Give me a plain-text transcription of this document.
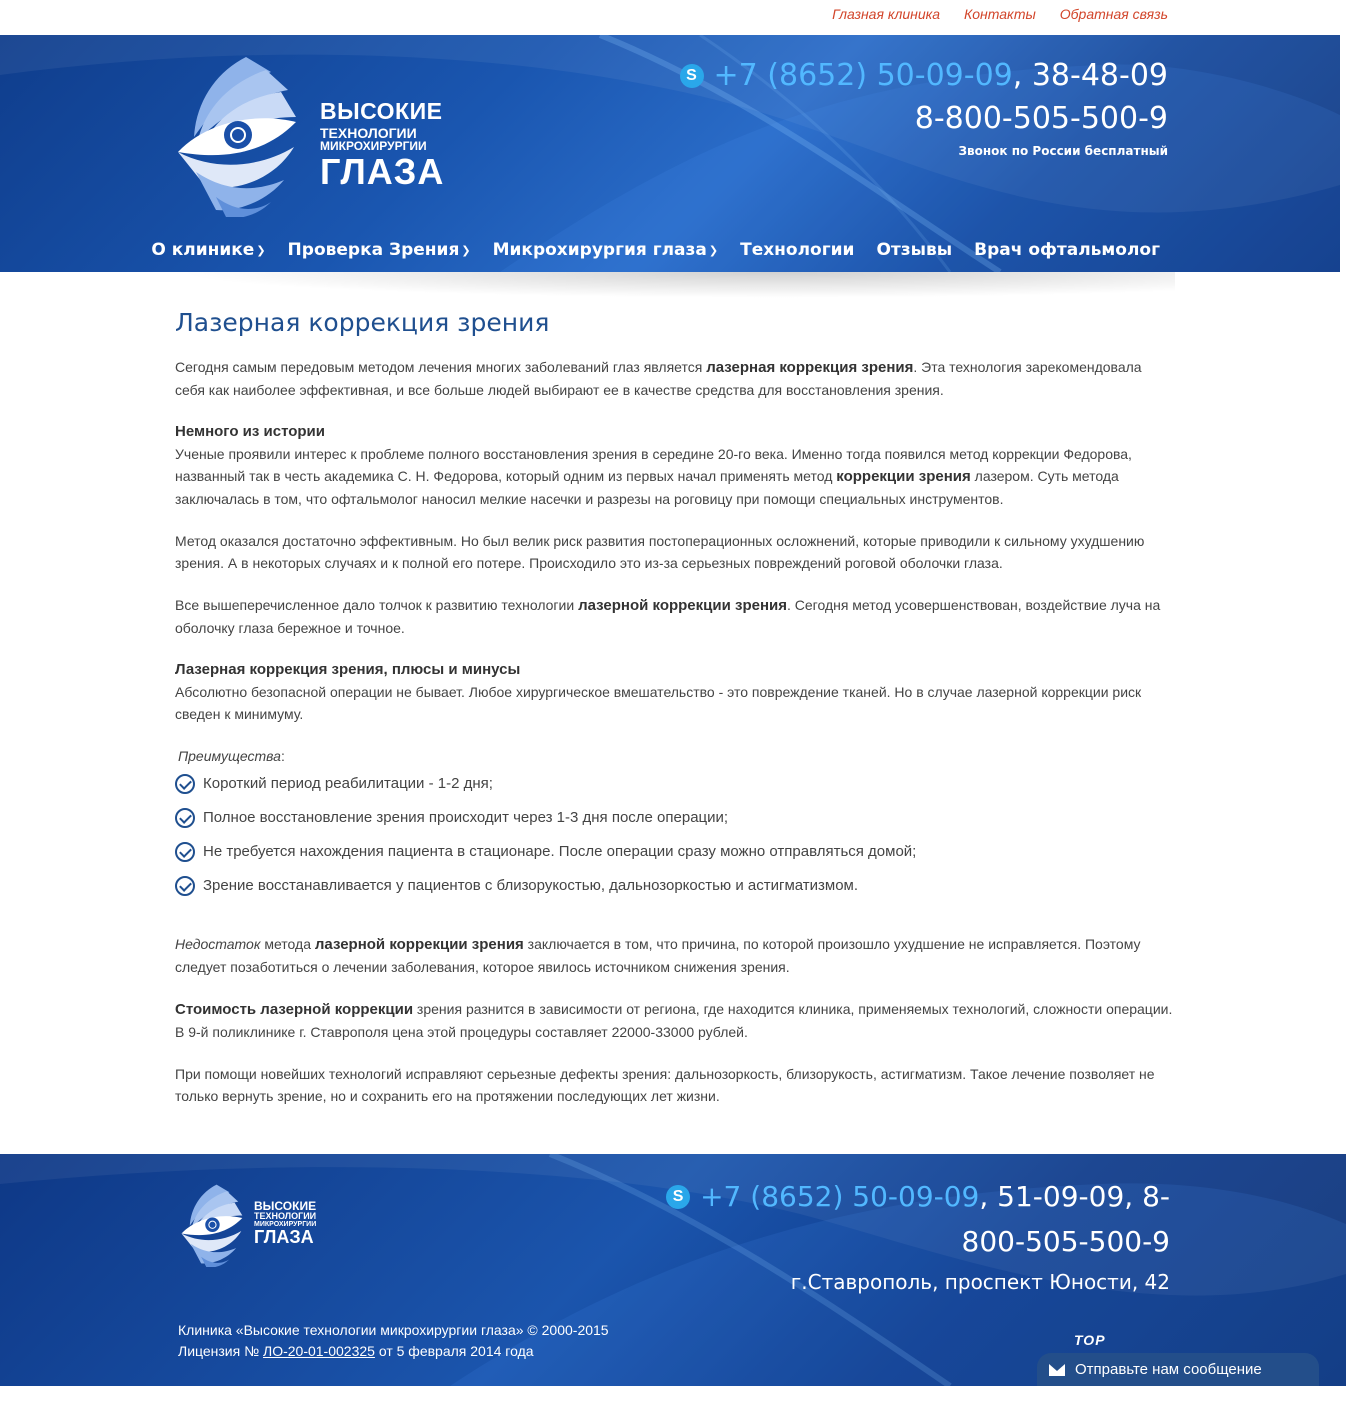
Глазная клиника Контакты Обратная связь
ВЫСОКИЕ
ТЕХНОЛОГИИ
МИКРОХИРУРГИИ
ГЛАЗА
S +7 (8652) 50-09-09, 38-48-09
8-800-505-500-9
Звонок по России бесплатный
О клинике ❯ Проверка Зрения ❯ Микрохирургия глаза ❯ Технологии Отзывы Врач офтальмолог
Лазерная коррекция зрения

Сегодня самым передовым методом лечения многих заболеваний глаз является лазерная коррекция зрения. Эта технология зарекомендовала себя как наиболее эффективная, и все больше людей выбирают ее в качестве средства для восстановления зрения.

Немного из истории

Ученые проявили интерес к проблеме полного восстановления зрения в середине 20-го века. Именно тогда появился метод коррекции Федорова, названный так в честь академика С. Н. Федорова, который одним из первых начал применять метод коррекции зрения лазером. Суть метода заключалась в том, что офтальмолог наносил мелкие насечки и разрезы на роговицу при помощи специальных инструментов.

Метод оказался достаточно эффективным. Но был велик риск развития постоперационных осложнений, которые приводили к сильному ухудшению зрения. А в некоторых случаях и к полной его потере. Происходило это из-за серьезных повреждений роговой оболочки глаза.

Все вышеперечисленное дало толчок к развитию технологии лазерной коррекции зрения. Сегодня метод усовершенствован, воздействие луча на оболочку глаза бережное и точное.

Лазерная коррекция зрения, плюсы и минусы

Абсолютно безопасной операции не бывает. Любое хирургическое вмешательство - это повреждение тканей. Но в случае лазерной коррекции риск сведен к минимуму.

Преимущества:
Короткий период реабилитации - 1-2 дня;
Полное восстановление зрения происходит через 1-3 дня после операции;
Не требуется нахождения пациента в стационаре. После операции сразу можно отправляться домой;
Зрение восстанавливается у пациентов с близорукостью, дальнозоркостью и астигматизмом.

Недостаток метода лазерной коррекции зрения заключается в том, что причина, по которой произошло ухудшение не исправляется. Поэтому следует позаботиться о лечении заболевания, которое явилось источником снижения зрения.

Стоимость лазерной коррекции зрения разнится в зависимости от региона, где находится клиника, применяемых технологий, сложности операции. В 9-й поликлинике г. Ставрополя цена этой процедуры составляет 22000-33000 рублей.

При помощи новейших технологий исправляют серьезные дефекты зрения: дальнозоркость, близорукость, астигматизм. Такое лечение позволяет не только вернуть зрение, но и сохранить его на протяжении последующих лет жизни.

ВЫСОКИЕ
ТЕХНОЛОГИИ
МИКРОХИРУРГИИ
ГЛАЗА
S +7 (8652) 50-09-09, 51-09-09, 8-
800-505-500-9
г.Ставрополь, проспект Юности, 42
Клиника «Высокие технологии микрохирургии глаза» © 2000-2015
Лицензия № ЛО-20-01-002325 от 5 февраля 2014 года
TOP
Отправьте нам сообщение
